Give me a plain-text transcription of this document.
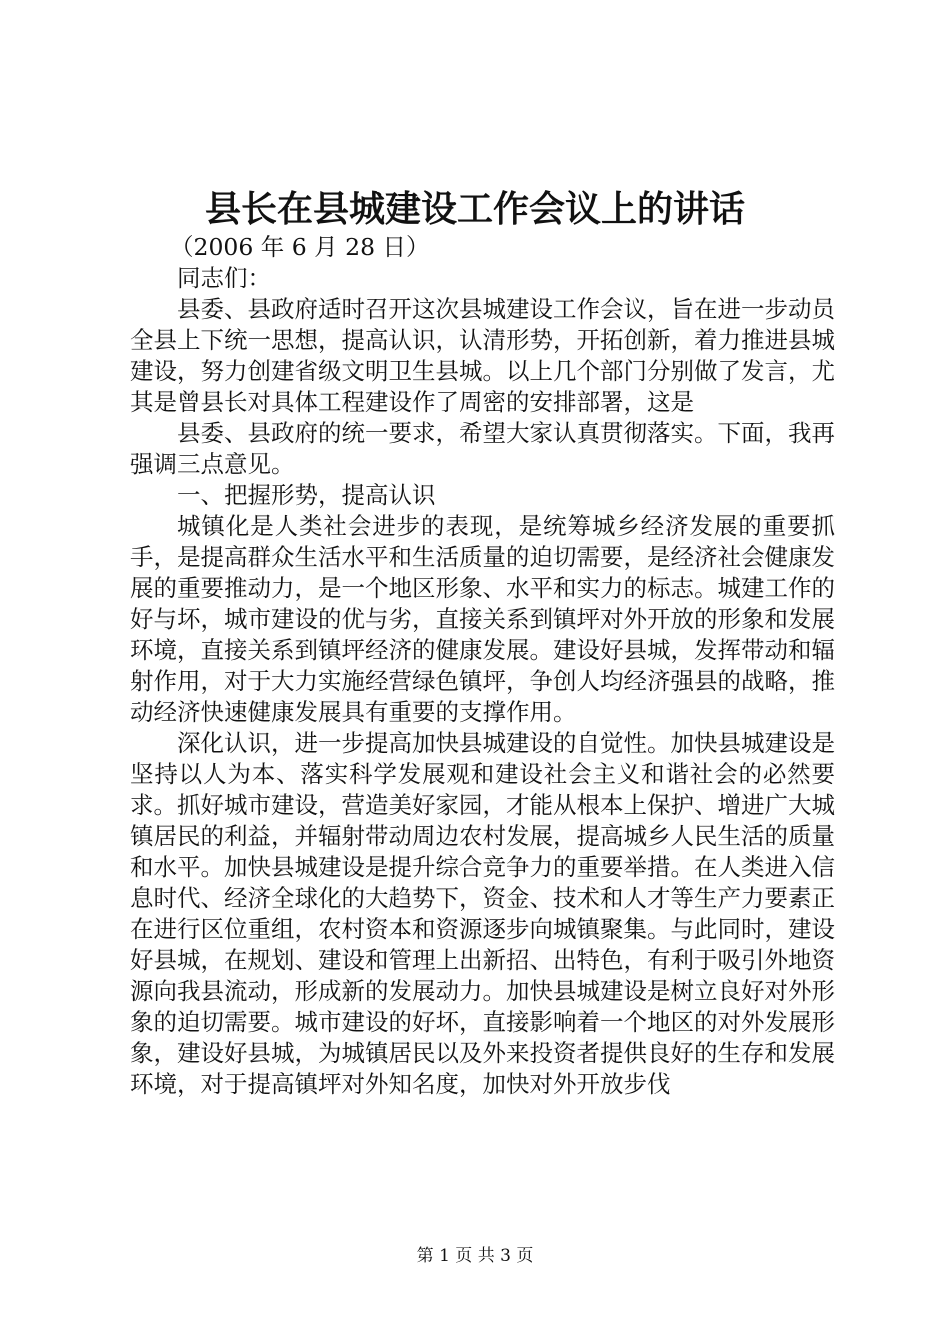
县长在县城建设工作会议上的讲话
（2006 年 6 月 28 日）
同志们：

县委、县政府适时召开这次县城建设工作会议，旨在进一步动员全县上下统一思想，提高认识，认清形势，开拓创新，着力推进县城建设，努力创建省级文明卫生县城。以上几个部门分别做了发言，尤其是曾县长对具体工程建设作了周密的安排部署，这是

县委、县政府的统一要求，希望大家认真贯彻落实。下面，我再强调三点意见。

一、把握形势，提高认识

城镇化是人类社会进步的表现，是统筹城乡经济发展的重要抓手，是提高群众生活水平和生活质量的迫切需要，是经济社会健康发展的重要推动力，是一个地区形象、水平和实力的标志。城建工作的好与坏，城市建设的优与劣，直接关系到镇坪对外开放的形象和发展环境，直接关系到镇坪经济的健康发展。建设好县城，发挥带动和辐射作用，对于大力实施经营绿色镇坪，争创人均经济强县的战略，推动经济快速健康发展具有重要的支撑作用。

深化认识，进一步提高加快县城建设的自觉性。加快县城建设是坚持以人为本、落实科学发展观和建设社会主义和谐社会的必然要求。抓好城市建设，营造美好家园，才能从根本上保护、增进广大城镇居民的利益，并辐射带动周边农村发展，提高城乡人民生活的质量和水平。加快县城建设是提升综合竞争力的重要举措。在人类进入信息时代、经济全球化的大趋势下，资金、技术和人才等生产力要素正在进行区位重组，农村资本和资源逐步向城镇聚集。与此同时，建设好县城，在规划、建设和管理上出新招、出特色，有利于吸引外地资源向我县流动，形成新的发展动力。加快县城建设是树立良好对外形象的迫切需要。城市建设的好坏，直接影响着一个地区的对外发展形象，建设好县城，为城镇居民以及外来投资者提供良好的生存和发展环境，对于提高镇坪对外知名度，加快对外开放步伐

第 1 页 共 3 页
